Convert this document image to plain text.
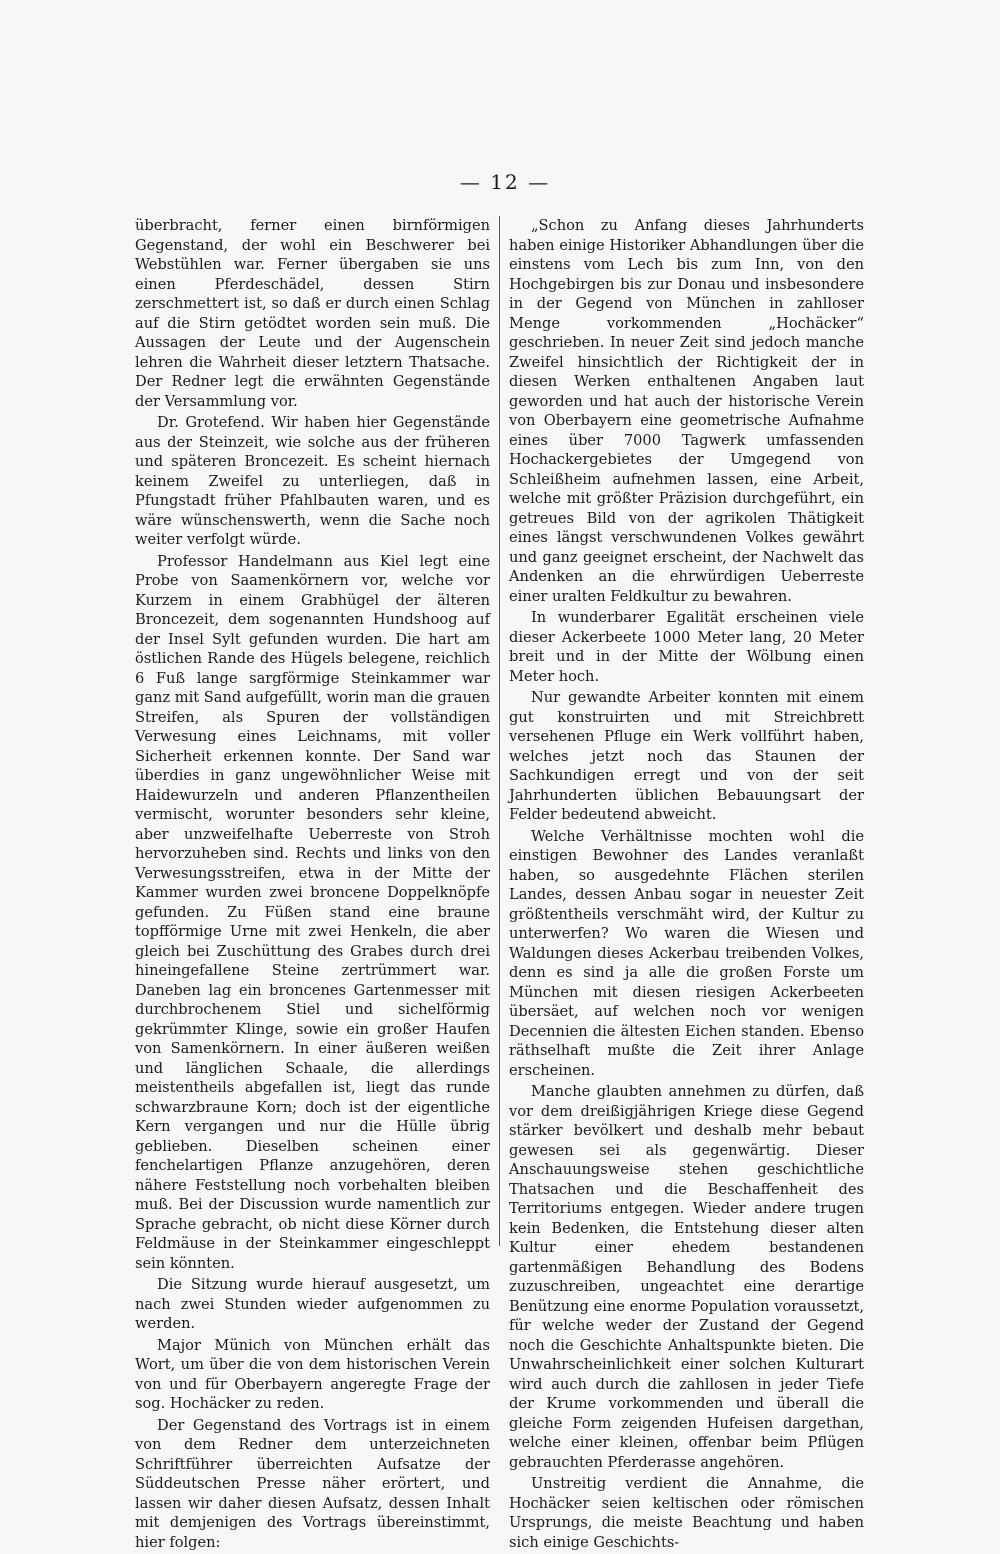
— 12 —

überbracht, ferner einen birnförmigen Gegenstand, der wohl ein Beschwerer bei Webstühlen war. Ferner übergaben sie uns einen Pferdeschädel, dessen Stirn zerschmettert ist, so daß er durch einen Schlag auf die Stirn getödtet worden sein muß. Die Aussagen der Leute und der Augenschein lehren die Wahrheit dieser letztern Thatsache. Der Redner legt die erwähnten Gegenstände der Versammlung vor.

Dr. Grotefend. Wir haben hier Gegenstände aus der Steinzeit, wie solche aus der früheren und späteren Broncezeit. Es scheint hiernach keinem Zweifel zu unterliegen, daß in Pfungstadt früher Pfahlbauten waren, und es wäre wünschenswerth, wenn die Sache noch weiter verfolgt würde.

Professor Handelmann aus Kiel legt eine Probe von Saamenkörnern vor, welche vor Kurzem in einem Grabhügel der älteren Broncezeit, dem sogenannten Hundshoog auf der Insel Sylt gefunden wurden. Die hart am östlichen Rande des Hügels belegene, reichlich 6 Fuß lange sargförmige Steinkammer war ganz mit Sand aufgefüllt, worin man die grauen Streifen, als Spuren der vollständigen Verwesung eines Leichnams, mit voller Sicherheit erkennen konnte. Der Sand war überdies in ganz ungewöhnlicher Weise mit Haidewurzeln und anderen Pflanzentheilen vermischt, worunter besonders sehr kleine, aber unzweifelhafte Ueberreste von Stroh hervorzuheben sind. Rechts und links von den Verwesungsstreifen, etwa in der Mitte der Kammer wurden zwei broncene Doppelknöpfe gefunden. Zu Füßen stand eine braune topfförmige Urne mit zwei Henkeln, die aber gleich bei Zuschüttung des Grabes durch drei hineingefallene Steine zertrümmert war. Daneben lag ein broncenes Gartenmesser mit durchbrochenem Stiel und sichelförmig gekrümmter Klinge, sowie ein großer Haufen von Samenkörnern. In einer äußeren weißen und länglichen Schaale, die allerdings meistentheils abgefallen ist, liegt das runde schwarzbraune Korn; doch ist der eigentliche Kern vergangen und nur die Hülle übrig geblieben. Dieselben scheinen einer fenchelartigen Pflanze anzugehören, deren nähere Feststellung noch vorbehalten bleiben muß. Bei der Discussion wurde namentlich zur Sprache gebracht, ob nicht diese Körner durch Feldmäuse in der Steinkammer eingeschleppt sein könnten.

Die Sitzung wurde hierauf ausgesetzt, um nach zwei Stunden wieder aufgenommen zu werden.

Major Münich von München erhält das Wort, um über die von dem historischen Verein von und für Oberbayern angeregte Frage der sog. Hochäcker zu reden.

Der Gegenstand des Vortrags ist in einem von dem Redner dem unterzeichneten Schriftführer überreichten Aufsatze der Süddeutschen Presse näher erörtert, und lassen wir daher diesen Aufsatz, dessen Inhalt mit demjenigen des Vortrags übereinstimmt, hier folgen:

„Schon zu Anfang dieses Jahrhunderts haben einige Historiker Abhandlungen über die einstens vom Lech bis zum Inn, von den Hochgebirgen bis zur Donau und insbesondere in der Gegend von München in zahlloser Menge vorkommenden „Hochäcker“ geschrieben. In neuer Zeit sind jedoch manche Zweifel hinsichtlich der Richtigkeit der in diesen Werken enthaltenen Angaben laut geworden und hat auch der historische Verein von Oberbayern eine geometrische Aufnahme eines über 7000 Tagwerk umfassenden Hochackergebietes der Umgegend von Schleißheim aufnehmen lassen, eine Arbeit, welche mit größter Präzision durchgeführt, ein getreues Bild von der agrikolen Thätigkeit eines längst verschwundenen Volkes gewährt und ganz geeignet erscheint, der Nachwelt das Andenken an die ehrwürdigen Ueberreste einer uralten Feldkultur zu bewahren.

In wunderbarer Egalität erscheinen viele dieser Ackerbeete 1000 Meter lang, 20 Meter breit und in der Mitte der Wölbung einen Meter hoch.

Nur gewandte Arbeiter konnten mit einem gut konstruirten und mit Streichbrett versehenen Pfluge ein Werk vollführt haben, welches jetzt noch das Staunen der Sachkundigen erregt und von der seit Jahrhunderten üblichen Bebauungsart der Felder bedeutend abweicht.

Welche Verhältnisse mochten wohl die einstigen Bewohner des Landes veranlaßt haben, so ausgedehnte Flächen sterilen Landes, dessen Anbau sogar in neuester Zeit größtentheils verschmäht wird, der Kultur zu unterwerfen? Wo waren die Wiesen und Waldungen dieses Ackerbau treibenden Volkes, denn es sind ja alle die großen Forste um München mit diesen riesigen Ackerbeeten übersäet, auf welchen noch vor wenigen Decennien die ältesten Eichen standen. Ebenso räthselhaft mußte die Zeit ihrer Anlage erscheinen.

Manche glaubten annehmen zu dürfen, daß vor dem dreißigjährigen Kriege diese Gegend stärker bevölkert und deshalb mehr bebaut gewesen sei als gegenwärtig. Dieser Anschauungsweise stehen geschichtliche Thatsachen und die Beschaffenheit des Territoriums entgegen. Wieder andere trugen kein Bedenken, die Entstehung dieser alten Kultur einer ehedem bestandenen gartenmäßigen Behandlung des Bodens zuzuschreiben, ungeachtet eine derartige Benützung eine enorme Population voraussetzt, für welche weder der Zustand der Gegend noch die Geschichte Anhaltspunkte bieten. Die Unwahrscheinlichkeit einer solchen Kulturart wird auch durch die zahllosen in jeder Tiefe der Krume vorkommenden und überall die gleiche Form zeigenden Hufeisen dargethan, welche einer kleinen, offenbar beim Pflügen gebrauchten Pferderasse angehören.

Unstreitig verdient die Annahme, die Hochäcker seien keltischen oder römischen Ursprungs, die meiste Beachtung und haben sich einige Geschichts-
